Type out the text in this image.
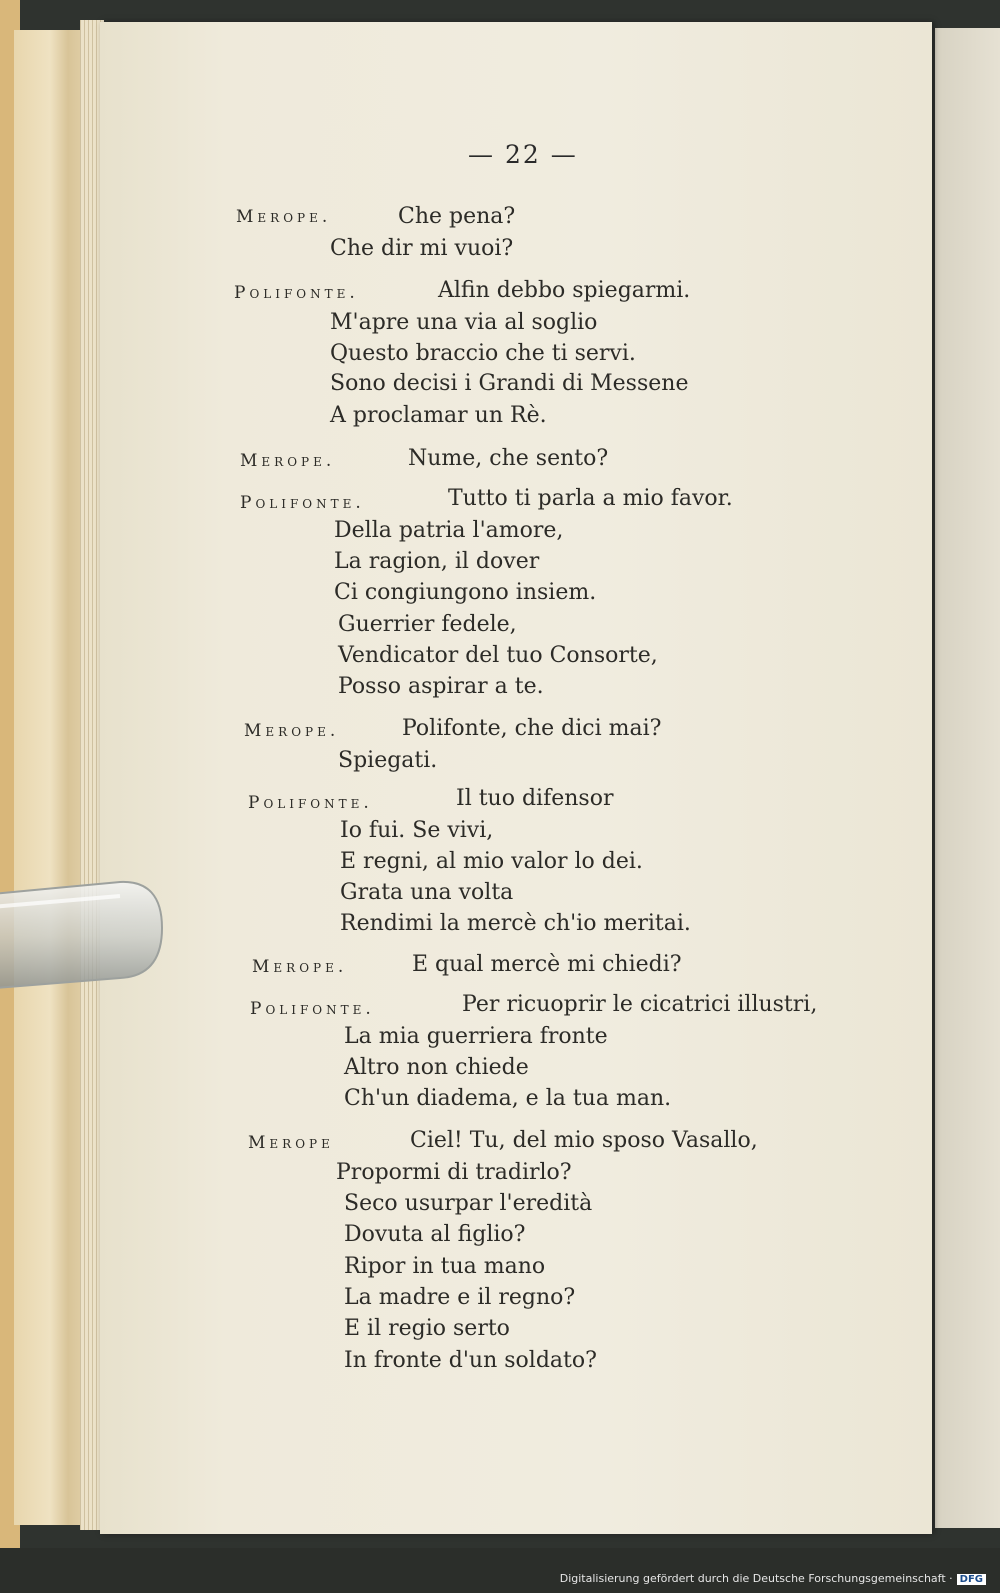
— 22 —
Merope.	Che pena?
Che dir mi vuoi?
Polifonte.	Alfin debbo spiegarmi.
M'apre una via al soglio
Questo braccio che ti servi.
Sono decisi i Grandi di Messene
A proclamar un Rè.
Merope.	Nume, che sento?
Polifonte.	Tutto ti parla a mio favor.
Della patria l'amore,
La ragion, il dover
Ci congiungono insiem.
Guerrier fedele,
Vendicator del tuo Consorte,
Posso aspirar a te.
Merope.	Polifonte, che dici mai?
Spiegati.
Polifonte.	Il tuo difensor
Io fui. Se vivi,
E regni, al mio valor lo dei.
Grata una volta
Rendimi la mercè ch'io meritai.
Merope.	E qual mercè mi chiedi?
Polifonte.	Per ricuoprir le cicatrici illustri,
La mia guerriera fronte
Altro non chiede
Ch'un diadema, e la tua man.
Merope	Ciel! Tu, del mio sposo Vasallo,
Propormi di tradirlo?
Seco usurpar l'eredità
Dovuta al figlio?
Ripor in tua mano
La madre e il regno?
E il regio serto
In fronte d'un soldato?
Digitalisierung gefördert durch die Deutsche Forschungsgemeinschaft · DFG
